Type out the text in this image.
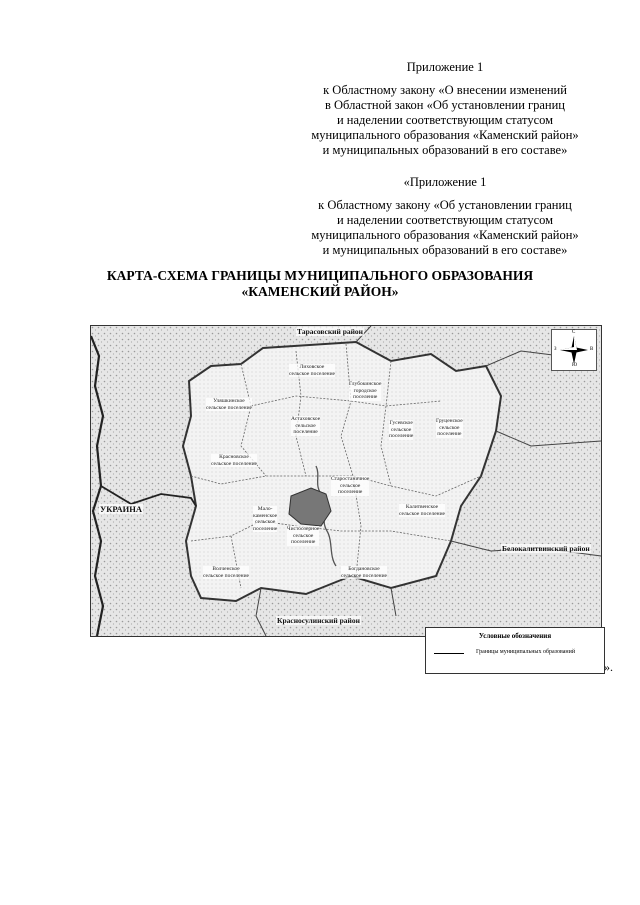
Приложение 1
к Областному закону «О внесении изменений
в Областной закон «Об установлении границ
и наделении соответствующим статусом
муниципального образования «Каменский район»
и муниципальных образований в его составе»
«Приложение 1
к Областному закону «Об установлении границ
и наделении соответствующим статусом
муниципального образования «Каменский район»
и муниципальных образований в его составе»
КАРТА-СХЕМА ГРАНИЦЫ МУНИЦИПАЛЬНОГО ОБРАЗОВАНИЯ
«КАМЕНСКИЙ РАЙОН»
Тарасовский район
Белокалитвинский район
Красносулинский район
УКРАИНА
Лиховское
сельское поселение
Глубокинское
городское
поселение
Уляшкинское
сельское поселение
Астаховское
сельское
поселение
Гусевское
сельское
поселение
Груценское
сельское
поселение
Красновское
сельское поселение
Старостаничное
сельское
поселение
Калитвенское
сельское поселение
Мало-
каменское
сельское
поселение Чистоозерное
сельское
поселение
Волченское
сельское поселение
Богдановское
сельское поселение
С
Ю
З	В
Условные обозначения
Границы муниципальных образований
».
